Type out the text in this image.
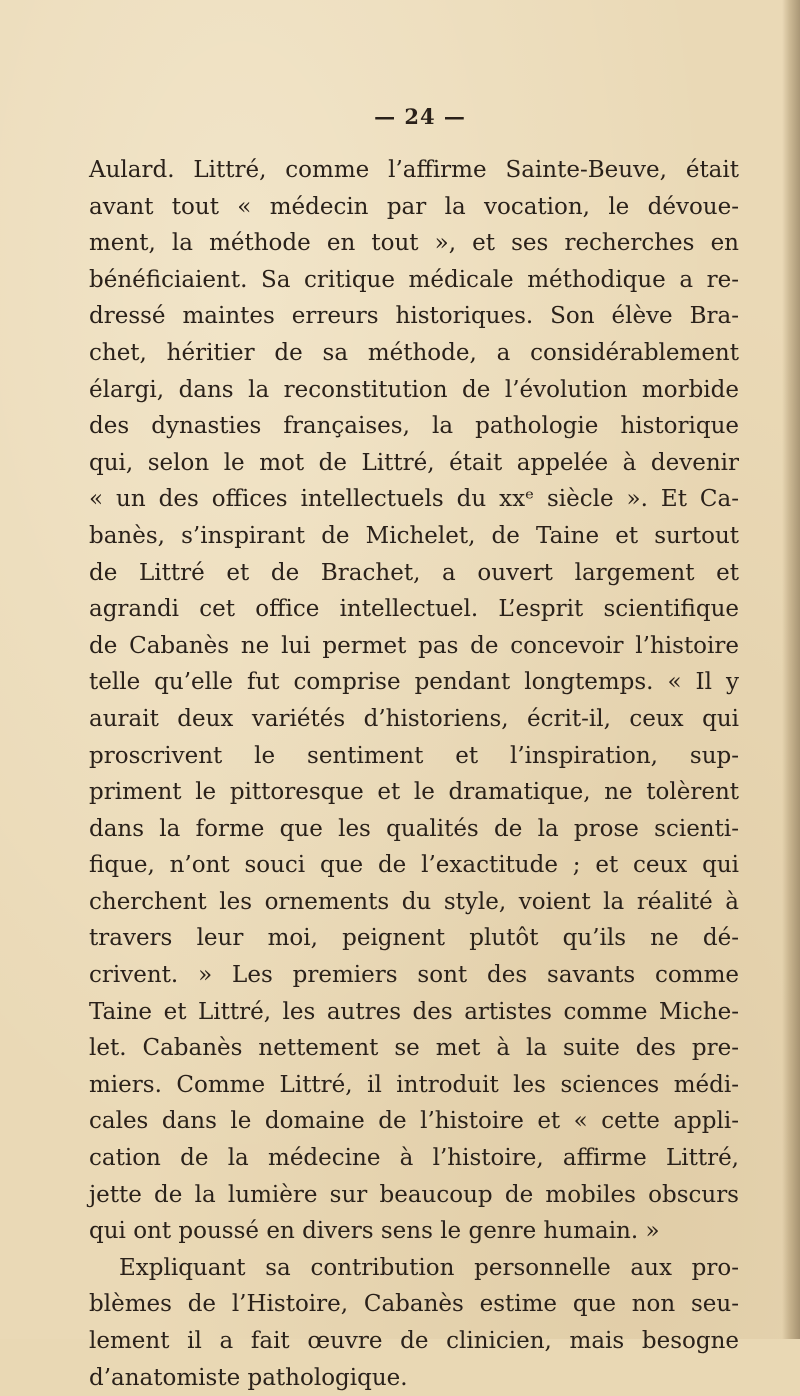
— 24 —
Aulard. Littré, comme l’affirme Sainte-Beuve, était
avant tout « médecin par la vocation, le dévoue-
ment, la méthode en tout », et ses recherches en
bénéficiaient. Sa critique médicale méthodique a re-
dressé maintes erreurs historiques. Son élève Bra-
chet, héritier de sa méthode, a considérablement
élargi, dans la reconstitution de l’évolution morbide
des dynasties françaises, la pathologie historique
qui, selon le mot de Littré, était appelée à devenir
« un des offices intellectuels du xxᵉ siècle ». Et Ca-
banès, s’inspirant de Michelet, de Taine et surtout
de Littré et de Brachet, a ouvert largement et
agrandi cet office intellectuel. L’esprit scientifique
de Cabanès ne lui permet pas de concevoir l’histoire
telle qu’elle fut comprise pendant longtemps. « Il y
aurait deux variétés d’historiens, écrit-il, ceux qui
proscrivent le sentiment et l’inspiration, sup-
priment le pittoresque et le dramatique, ne tolèrent
dans la forme que les qualités de la prose scienti-
fique, n’ont souci que de l’exactitude ; et ceux qui
cherchent les ornements du style, voient la réalité à
travers leur moi, peignent plutôt qu’ils ne dé-
crivent. » Les premiers sont des savants comme
Taine et Littré, les autres des artistes comme Miche-
let. Cabanès nettement se met à la suite des pre-
miers. Comme Littré, il introduit les sciences médi-
cales dans le domaine de l’histoire et « cette appli-
cation de la médecine à l’histoire, affirme Littré,
jette de la lumière sur beaucoup de mobiles obscurs
qui ont poussé en divers sens le genre humain. »
Expliquant sa contribution personnelle aux pro-
blèmes de l’Histoire, Cabanès estime que non seu-
lement il a fait œuvre de clinicien, mais besogne
d’anatomiste pathologique.
